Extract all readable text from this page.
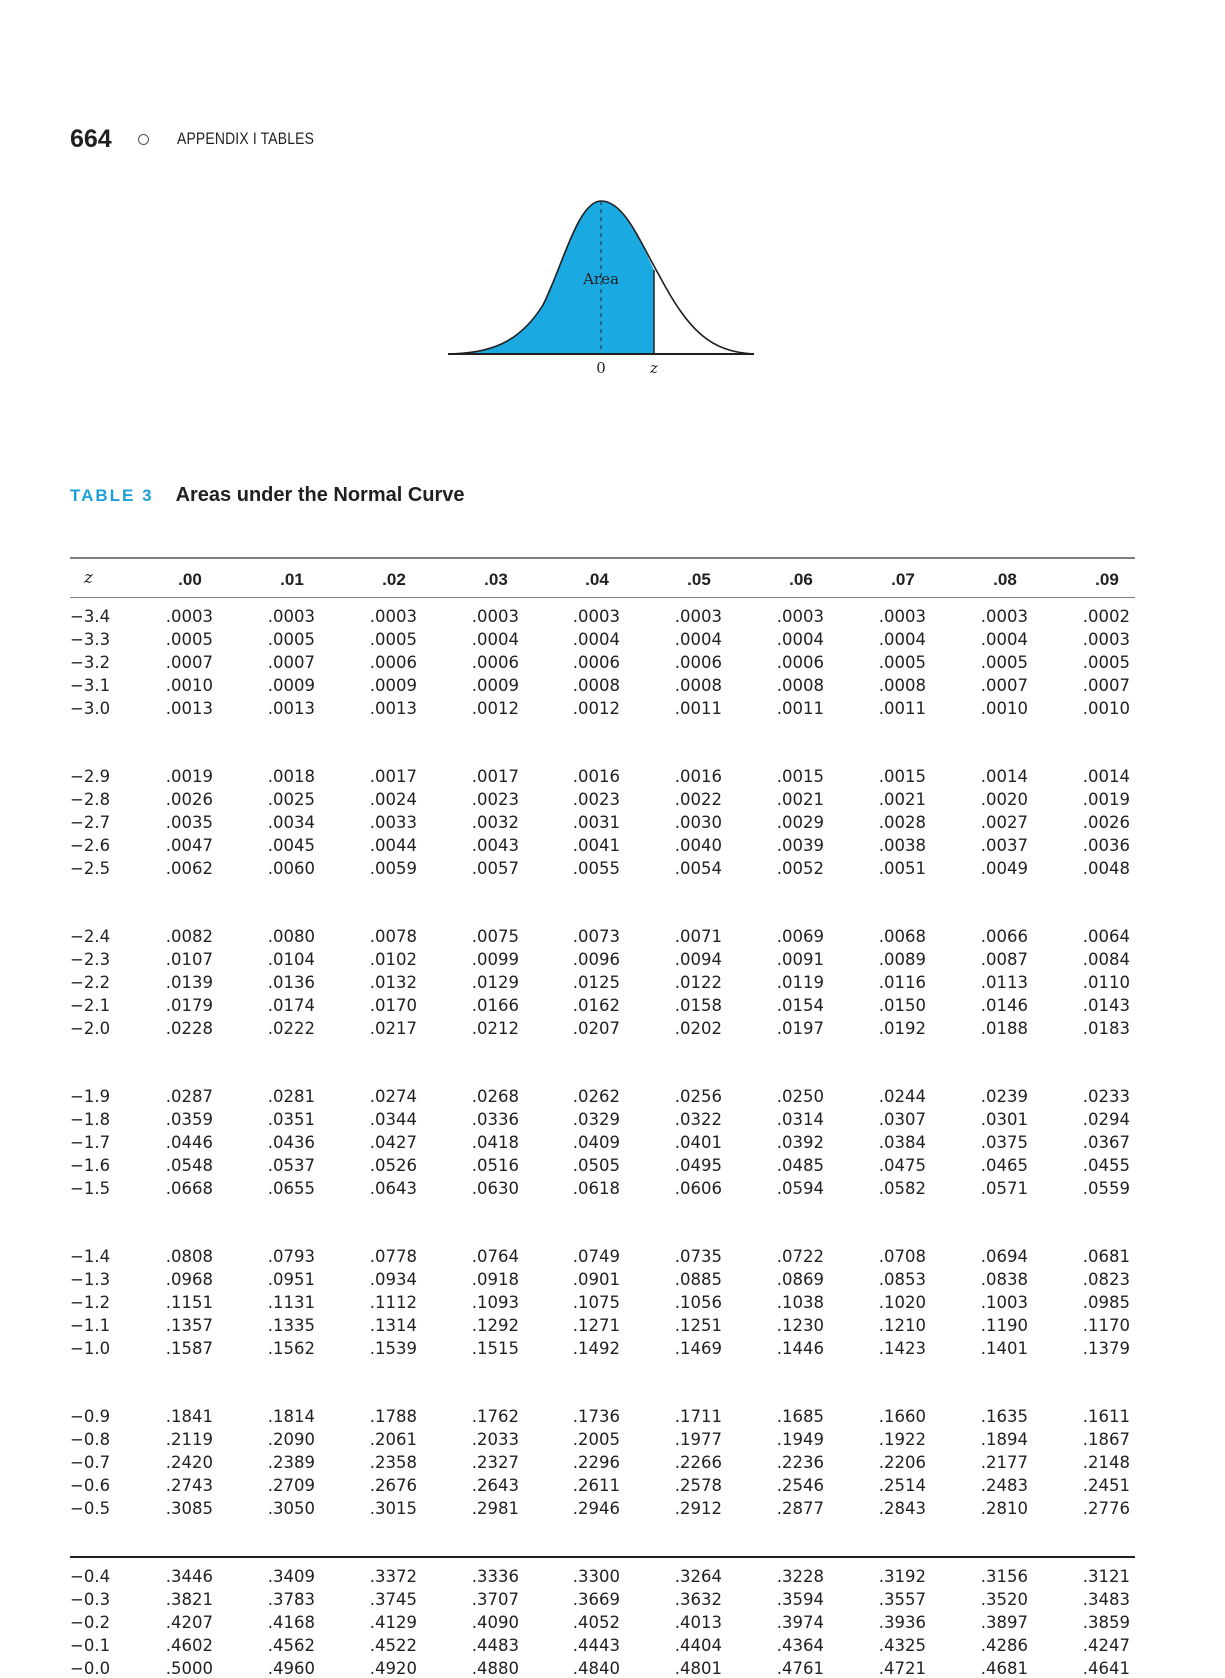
664	APPENDIX I TABLES
Area
0	z
TABLE 3 Areas under the Normal Curve
z	.00	.01	.02	.03	.04	.05	.06	.07	.08	.09
−3.4	.0003	.0003	.0003	.0003	.0003	.0003	.0003	.0003	.0003	.0002
−3.3	.0005	.0005	.0005	.0004	.0004	.0004	.0004	.0004	.0004	.0003
−3.2	.0007	.0007	.0006	.0006	.0006	.0006	.0006	.0005	.0005	.0005
−3.1	.0010	.0009	.0009	.0009	.0008	.0008	.0008	.0008	.0007	.0007
−3.0	.0013	.0013	.0013	.0012	.0012	.0011	.0011	.0011	.0010	.0010
−2.9	.0019	.0018	.0017	.0017	.0016	.0016	.0015	.0015	.0014	.0014
−2.8	.0026	.0025	.0024	.0023	.0023	.0022	.0021	.0021	.0020	.0019
−2.7	.0035	.0034	.0033	.0032	.0031	.0030	.0029	.0028	.0027	.0026
−2.6	.0047	.0045	.0044	.0043	.0041	.0040	.0039	.0038	.0037	.0036
−2.5	.0062	.0060	.0059	.0057	.0055	.0054	.0052	.0051	.0049	.0048
−2.4	.0082	.0080	.0078	.0075	.0073	.0071	.0069	.0068	.0066	.0064
−2.3	.0107	.0104	.0102	.0099	.0096	.0094	.0091	.0089	.0087	.0084
−2.2	.0139	.0136	.0132	.0129	.0125	.0122	.0119	.0116	.0113	.0110
−2.1	.0179	.0174	.0170	.0166	.0162	.0158	.0154	.0150	.0146	.0143
−2.0	.0228	.0222	.0217	.0212	.0207	.0202	.0197	.0192	.0188	.0183
−1.9	.0287	.0281	.0274	.0268	.0262	.0256	.0250	.0244	.0239	.0233
−1.8	.0359	.0351	.0344	.0336	.0329	.0322	.0314	.0307	.0301	.0294
−1.7	.0446	.0436	.0427	.0418	.0409	.0401	.0392	.0384	.0375	.0367
−1.6	.0548	.0537	.0526	.0516	.0505	.0495	.0485	.0475	.0465	.0455
−1.5	.0668	.0655	.0643	.0630	.0618	.0606	.0594	.0582	.0571	.0559
−1.4	.0808	.0793	.0778	.0764	.0749	.0735	.0722	.0708	.0694	.0681
−1.3	.0968	.0951	.0934	.0918	.0901	.0885	.0869	.0853	.0838	.0823
−1.2	.1151	.1131	.1112	.1093	.1075	.1056	.1038	.1020	.1003	.0985
−1.1	.1357	.1335	.1314	.1292	.1271	.1251	.1230	.1210	.1190	.1170
−1.0	.1587	.1562	.1539	.1515	.1492	.1469	.1446	.1423	.1401	.1379
−0.9	.1841	.1814	.1788	.1762	.1736	.1711	.1685	.1660	.1635	.1611
−0.8	.2119	.2090	.2061	.2033	.2005	.1977	.1949	.1922	.1894	.1867
−0.7	.2420	.2389	.2358	.2327	.2296	.2266	.2236	.2206	.2177	.2148
−0.6	.2743	.2709	.2676	.2643	.2611	.2578	.2546	.2514	.2483	.2451
−0.5	.3085	.3050	.3015	.2981	.2946	.2912	.2877	.2843	.2810	.2776
−0.4	.3446	.3409	.3372	.3336	.3300	.3264	.3228	.3192	.3156	.3121
−0.3	.3821	.3783	.3745	.3707	.3669	.3632	.3594	.3557	.3520	.3483
−0.2	.4207	.4168	.4129	.4090	.4052	.4013	.3974	.3936	.3897	.3859
−0.1	.4602	.4562	.4522	.4483	.4443	.4404	.4364	.4325	.4286	.4247
−0.0	.5000	.4960	.4920	.4880	.4840	.4801	.4761	.4721	.4681	.4641
